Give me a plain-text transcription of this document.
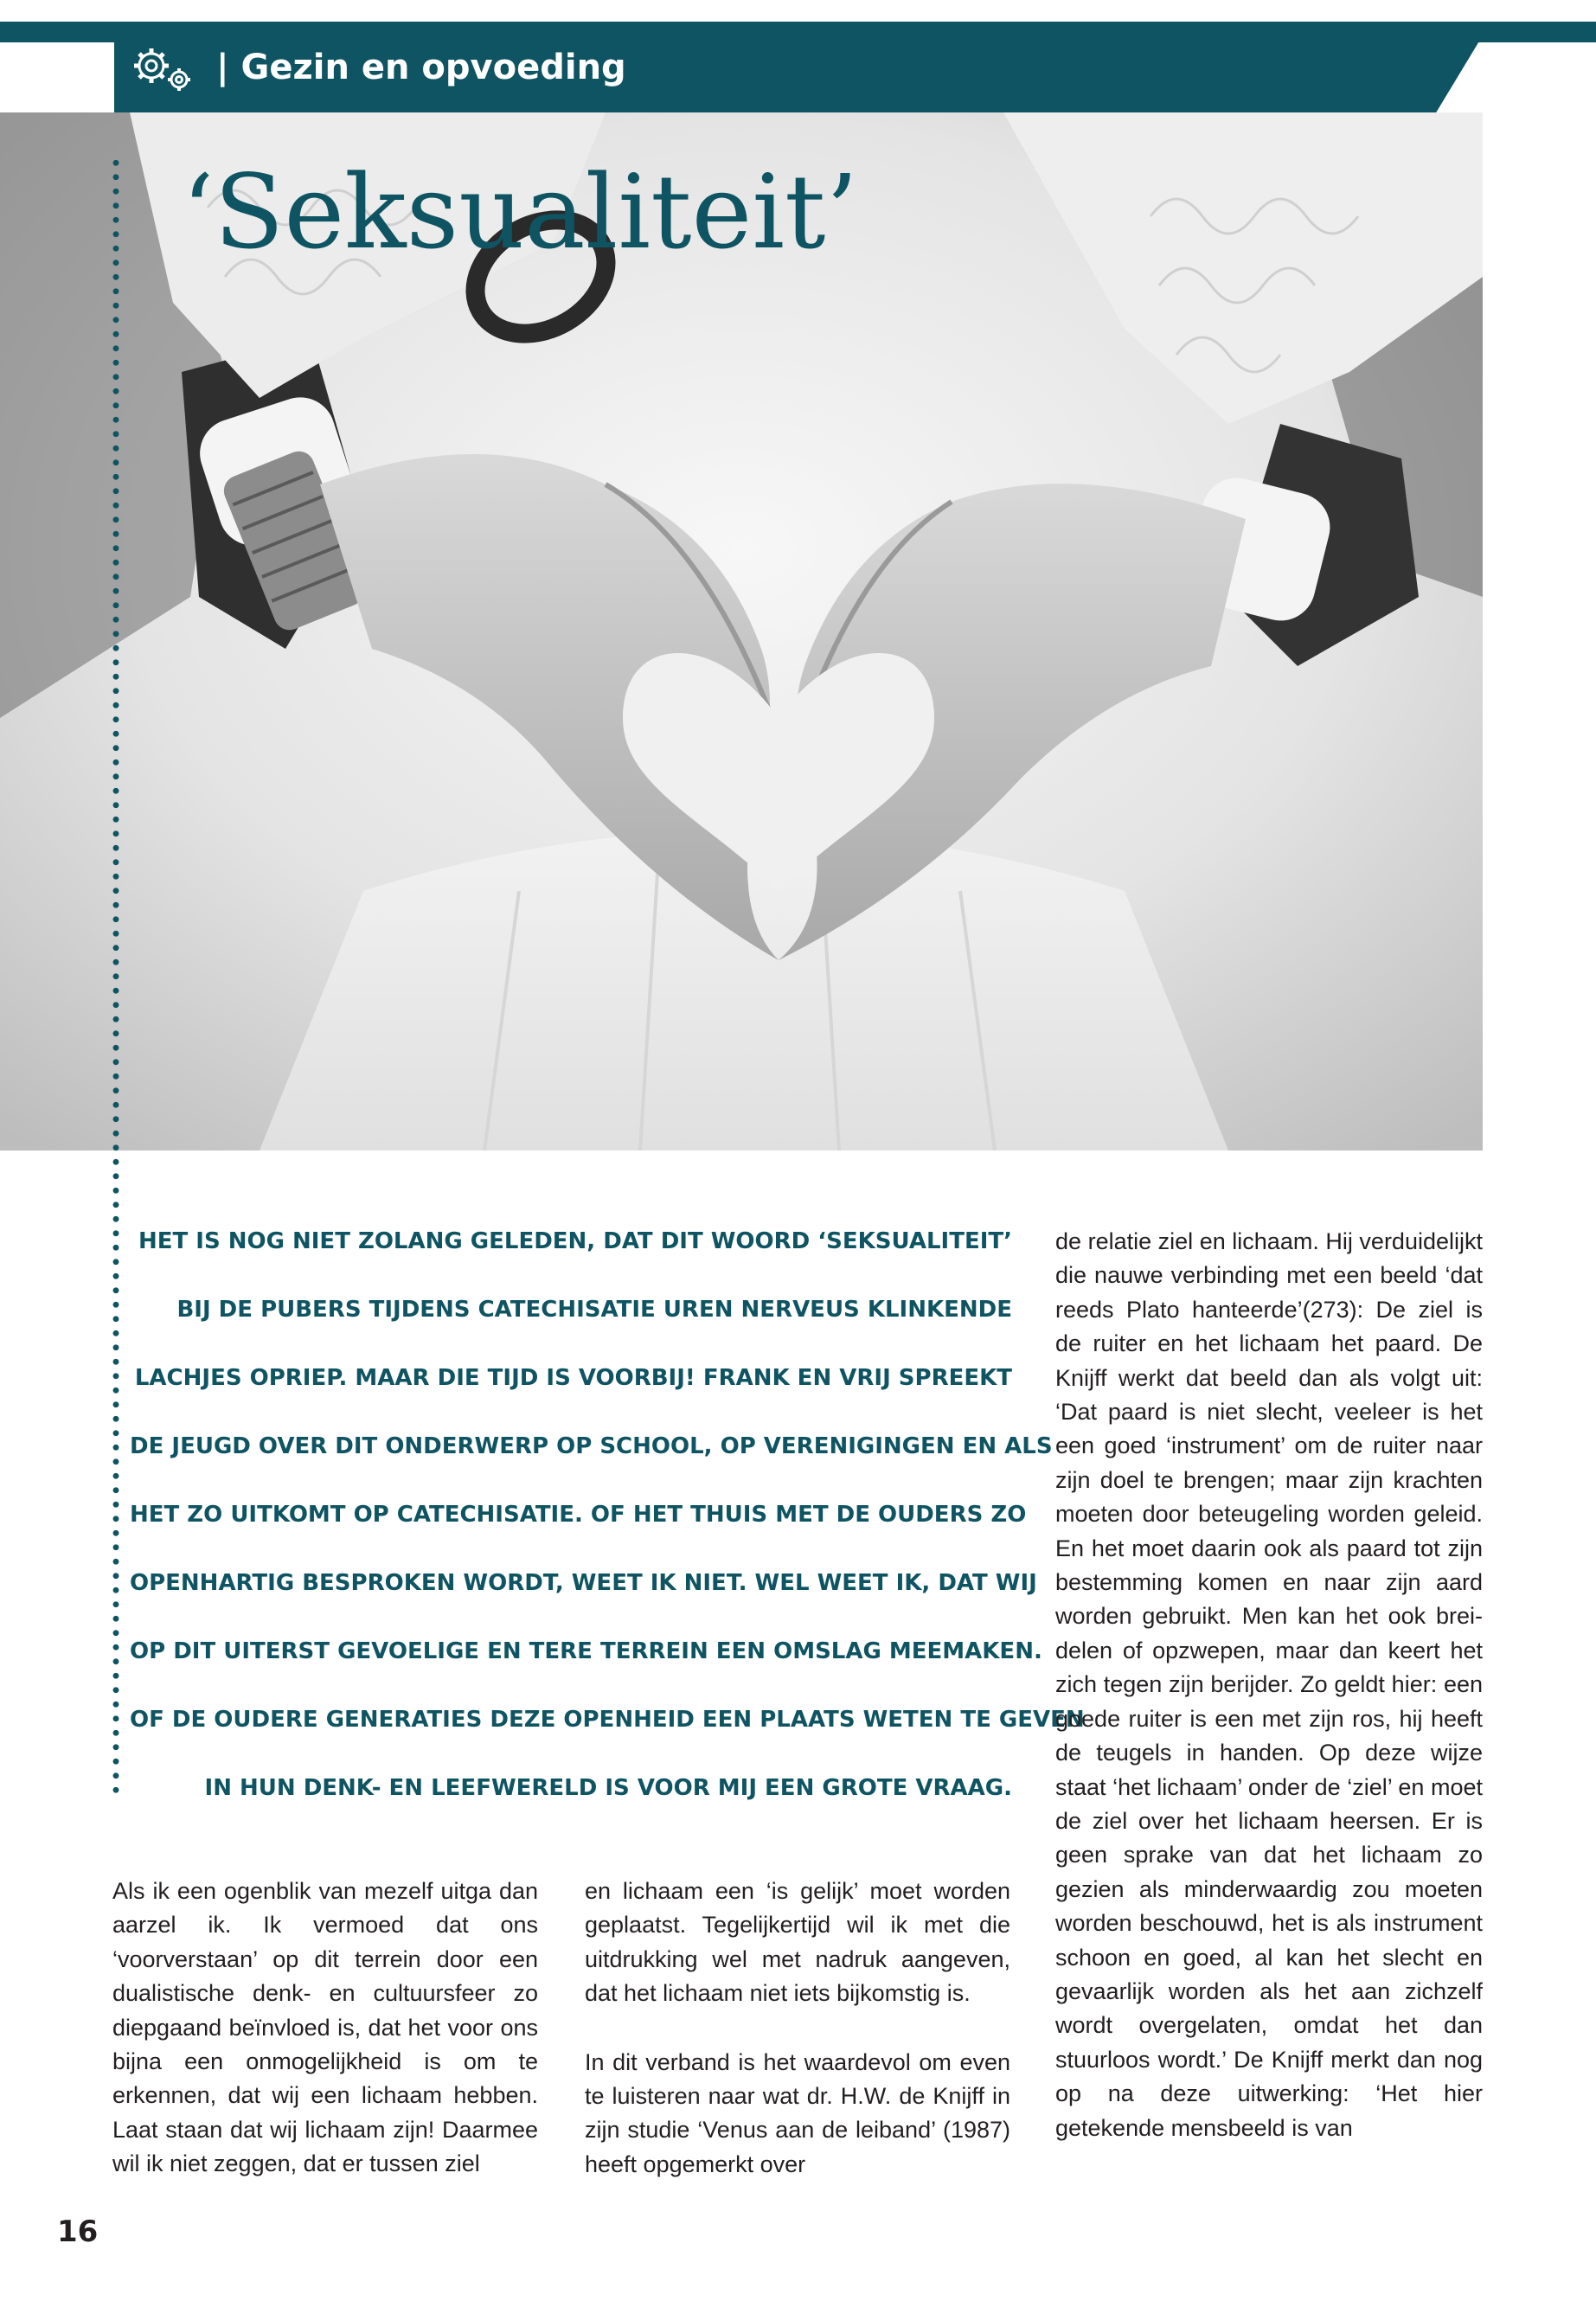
| Gezin en opvoeding
‘Seksualiteit’
HET IS NOG NIET ZOLANG GELEDEN, DAT DIT WOORD ‘SEKSUALITEIT’
BIJ DE PUBERS TIJDENS CATECHISATIE UREN NERVEUS KLINKENDE
LACHJES OPRIEP. MAAR DIE TIJD IS VOORBIJ! FRANK EN VRIJ SPREEKT
DE JEUGD OVER DIT ONDERWERP OP SCHOOL, OP VERENIGINGEN EN ALS
HET ZO UITKOMT OP CATECHISATIE. OF HET THUIS MET DE OUDERS ZO
OPENHARTIG BESPROKEN WORDT, WEET IK NIET. WEL WEET IK, DAT WIJ
OP DIT UITERST GEVOELIGE EN TERE TERREIN EEN OMSLAG MEEMAKEN.
OF DE OUDERE GENERATIES DEZE OPENHEID EEN PLAATS WETEN TE GEVEN
IN HUN DENK- EN LEEFWERELD IS VOOR MIJ EEN GROTE VRAAG.

Als ik een ogenblik van mezelf uitga dan aarzel ik. Ik vermoed dat ons ‘voorverstaan’ op dit terrein door een dualistische denk- en cultuursfeer zo diepgaand beïnvloed is, dat het voor ons bijna een onmogelijkheid is om te erkennen, dat wij een lichaam hebben. Laat staan dat wij lichaam zijn! Daarmee wil ik niet zeggen, dat er tussen ziel

en lichaam een ‘is gelijk’ moet worden geplaatst. Tegelijkertijd wil ik met die uitdrukking wel met nadruk aangeven, dat het lichaam niet iets bijkomstig is.

In dit verband is het waardevol om even te luisteren naar wat dr. H.W. de Knijff in zijn studie ‘Venus aan de leiband’ (1987) heeft opgemerkt over

de relatie ziel en lichaam. Hij verduidelijkt die nauwe verbinding met een beeld ‘dat reeds Plato hanteerde’(273): De ziel is de ruiter en het lichaam het paard. De Knijff werkt dat beeld dan als volgt uit: ‘Dat paard is niet slecht, veeleer is het een goed ‘instrument’ om de ruiter naar zijn doel te brengen; maar zijn krachten moeten door beteugeling worden geleid. En het moet daarin ook als paard tot zijn bestemming komen en naar zijn aard worden gebruikt. Men kan het ook breidelen of opzwepen, maar dan keert het zich tegen zijn berijder. Zo geldt hier: een goede ruiter is een met zijn ros, hij heeft de teugels in handen. Op deze wijze staat ‘het lichaam’ onder de ‘ziel’ en moet de ziel over het lichaam heersen. Er is geen sprake van dat het lichaam zo gezien als minderwaardig zou moeten worden beschouwd, het is als instrument schoon en goed, al kan het slecht en gevaarlijk worden als het aan zichzelf wordt overgelaten, omdat het dan stuurloos wordt.’ De Knijff merkt dan nog op na deze uitwerking: ‘Het hier getekende mensbeeld is van

16
